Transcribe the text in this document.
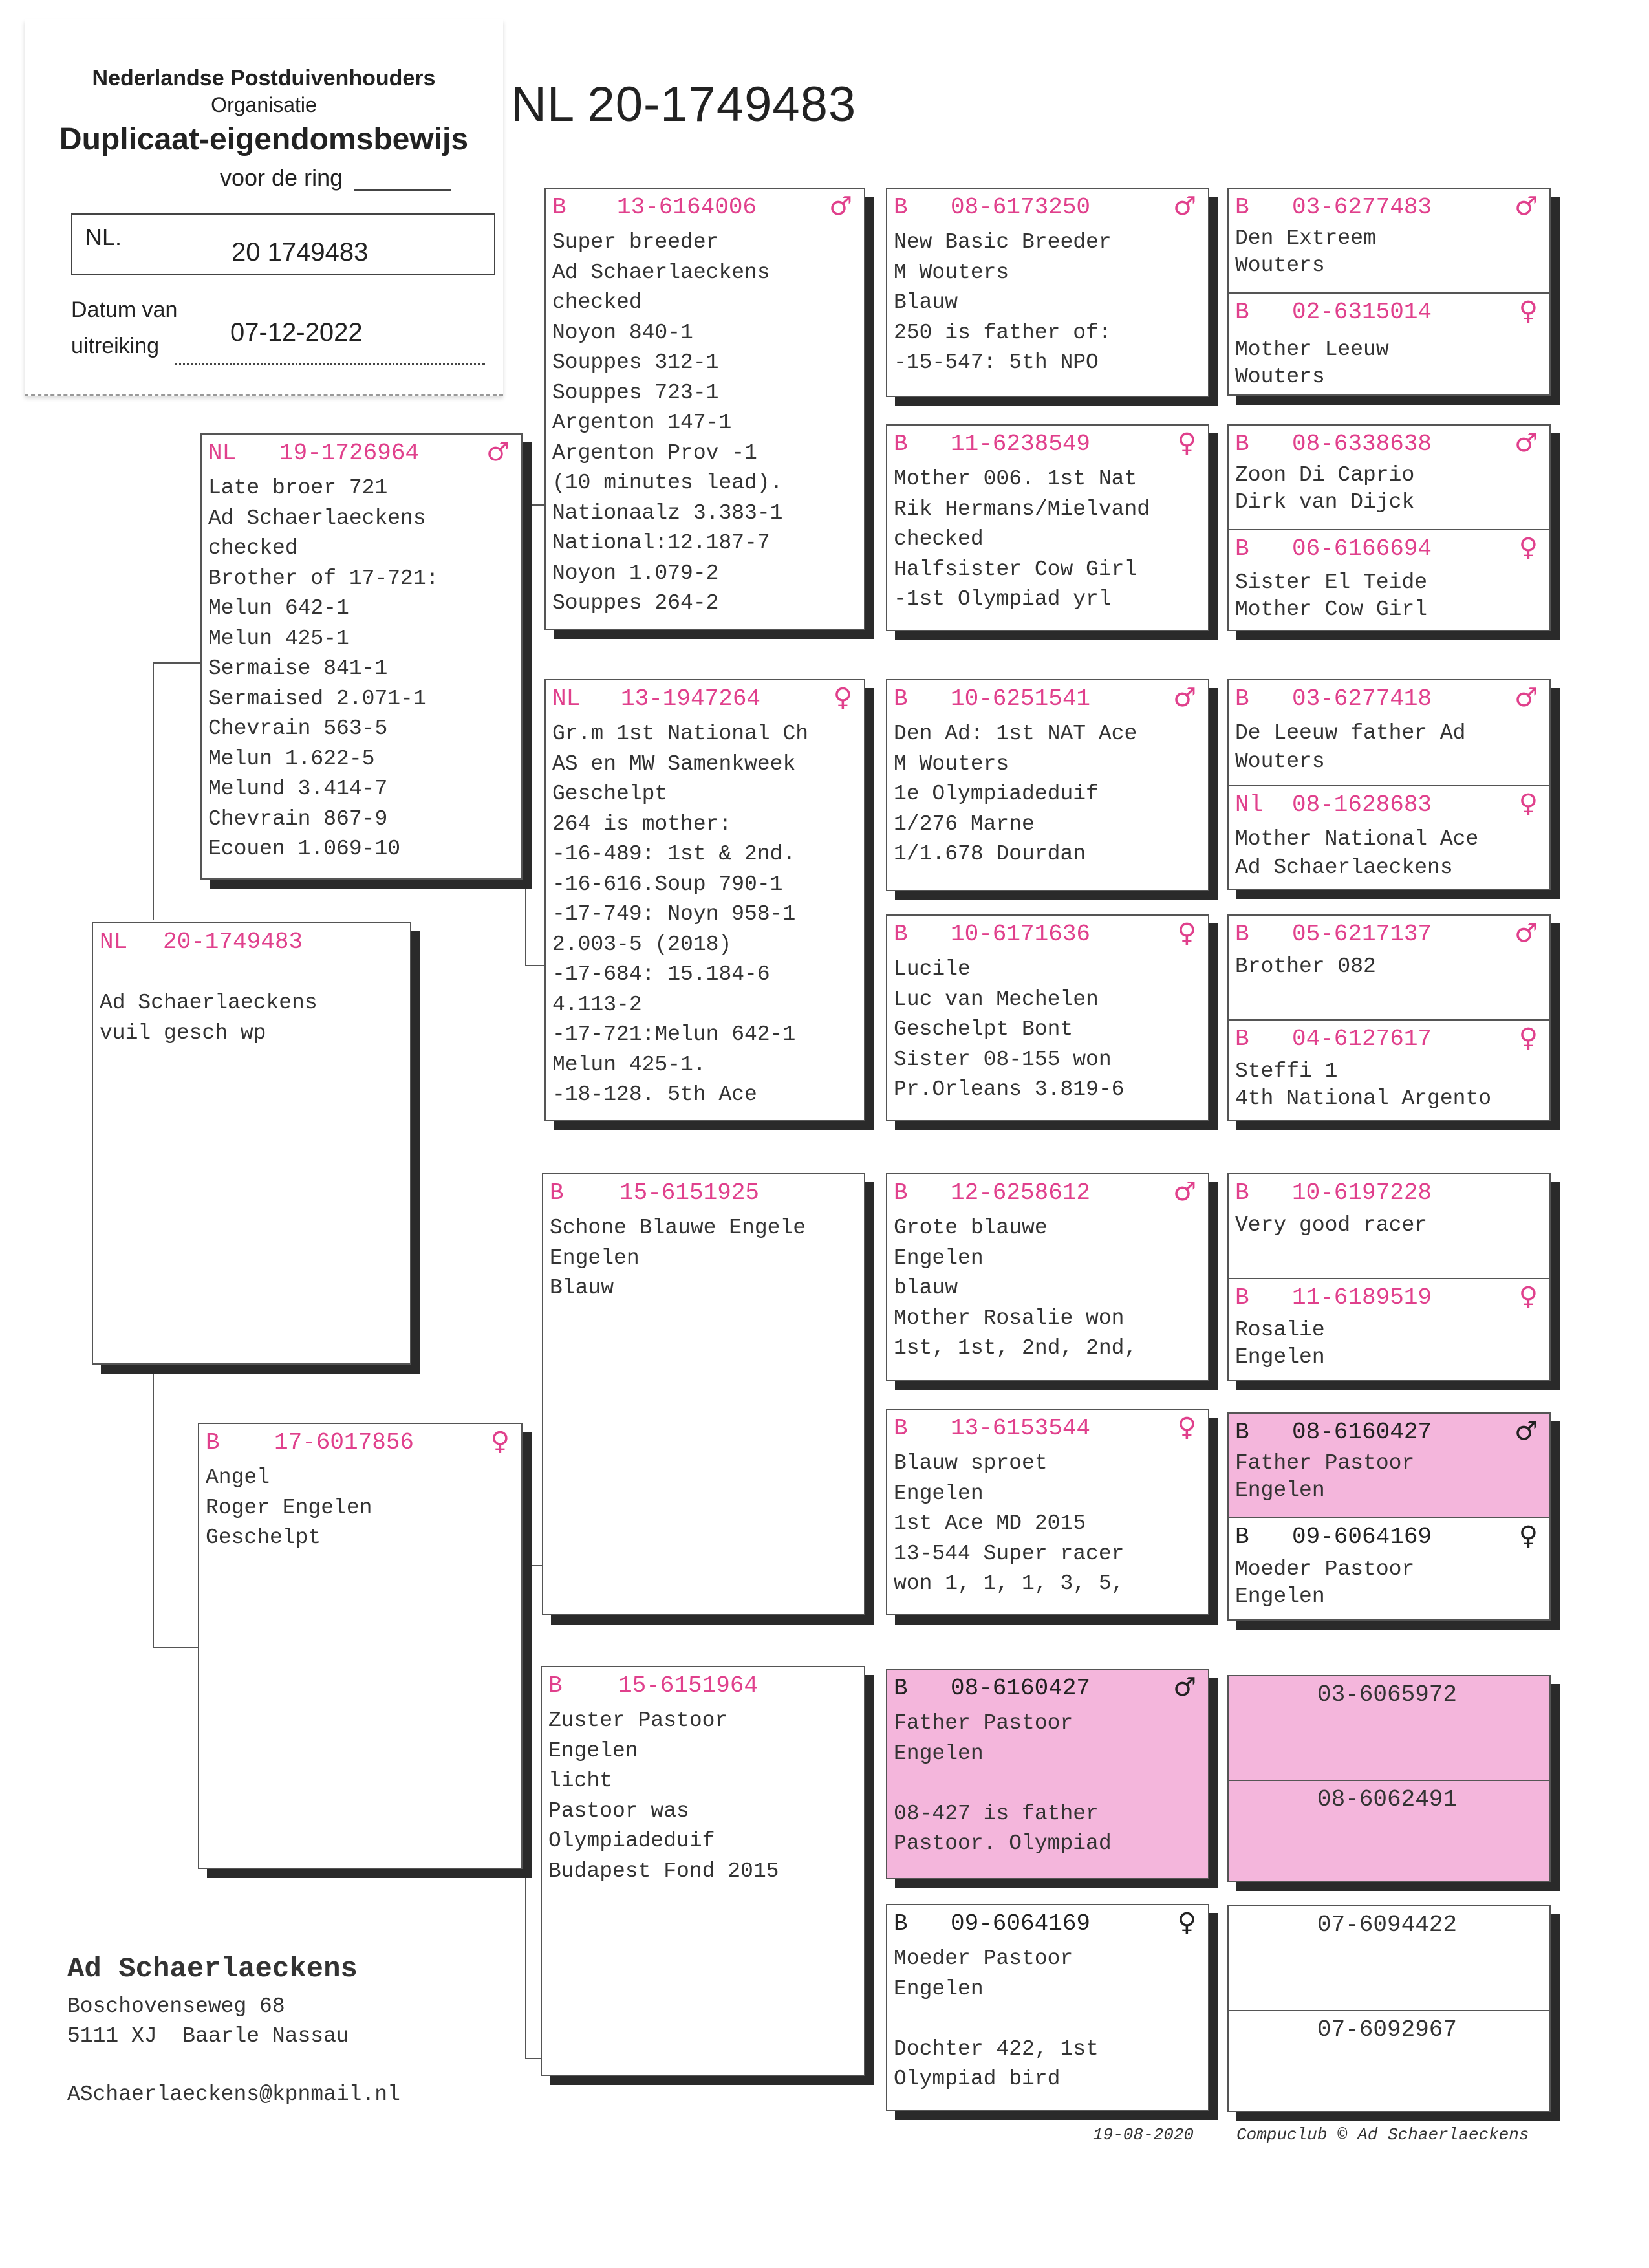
NL 20-1749483
Nederlandse Postduivenhouders
Organisatie
Duplicaat-eigendomsbewijs
voor de ring
NL.
20 1749483
Datum van
uitreiking	07-12-2022
NL 20-1749483
Ad Schaerlaeckens
vuil gesch wp
NL 19-1726964	♂
Late broer 721
Ad Schaerlaeckens
checked
Brother of 17-721:
Melun 642-1
Melun 425-1
Sermaise 841-1
Sermaised 2.071-1
Chevrain 563-5
Melun 1.622-5
Melund 3.414-7
Chevrain 867-9
Ecouen 1.069-10
B 17-6017856	♀
Angel
Roger Engelen
Geschelpt
B 13-6164006	♂
Super breeder
Ad Schaerlaeckens
checked
Noyon 840-1
Souppes 312-1
Souppes 723-1
Argenton 147-1
Argenton Prov -1
(10 minutes lead).
Nationaalz 3.383-1
National:12.187-7
Noyon 1.079-2
Souppes 264-2
NL 13-1947264	♀
Gr.m 1st National Ch
AS en MW Samenkweek
Geschelpt
264 is mother:
-16-489: 1st & 2nd.
-16-616.Soup 790-1
-17-749: Noyn 958-1
2.003-5 (2018)
-17-684: 15.184-6
4.113-2
-17-721:Melun 642-1
Melun 425-1.
-18-128. 5th Ace
B 15-6151925
Schone Blauwe Engele
Engelen
Blauw
B 15-6151964
Zuster Pastoor
Engelen
licht
Pastoor was
Olympiadeduif
Budapest Fond 2015
B 08-6173250	♂
New Basic Breeder
M Wouters
Blauw
250 is father of:
-15-547: 5th NPO
B 11-6238549	♀
Mother 006. 1st Nat
Rik Hermans/Mielvand
checked
Halfsister Cow Girl
-1st Olympiad yrl
B 10-6251541	♂
Den Ad: 1st NAT Ace
M Wouters
1e Olympiadeduif
1/276 Marne
1/1.678 Dourdan
B 10-6171636	♀
Lucile
Luc van Mechelen
Geschelpt Bont
Sister 08-155 won
Pr.Orleans 3.819-6
B 12-6258612	♂
Grote blauwe
Engelen
blauw
Mother Rosalie won
1st, 1st, 2nd, 2nd,
B 13-6153544	♀
Blauw sproet
Engelen
1st Ace MD 2015
13-544 Super racer
won 1, 1, 1, 3, 5,
B 08-6160427	♂
Father Pastoor
Engelen

08-427 is father
Pastoor. Olympiad
B 09-6064169	♀
Moeder Pastoor
Engelen

Dochter 422, 1st
Olympiad bird
B 03-6277483	♂
Den Extreem
Wouters
B 02-6315014	♀
Mother Leeuw
Wouters
B 08-6338638	♂
Zoon Di Caprio
Dirk van Dijck
B 06-6166694	♀
Sister El Teide
Mother Cow Girl
B 03-6277418	♂
De Leeuw father Ad
Wouters
Nl 08-1628683	♀
Mother National Ace
Ad Schaerlaeckens
B 05-6217137	♂
Brother 082
B 04-6127617	♀
Steffi 1
4th National Argento
B 10-6197228
Very good racer
B 11-6189519	♀
Rosalie
Engelen
B 08-6160427	♂
Father Pastoor
Engelen
B 09-6064169	♀
Moeder Pastoor
Engelen
03-6065972
08-6062491
07-6094422
07-6092967
Ad Schaerlaeckens
Boschovenseweg 68
5111 XJ  Baarle Nassau
ASchaerlaeckens@kpnmail.nl
19-08-2020	Compuclub © Ad Schaerlaeckens
